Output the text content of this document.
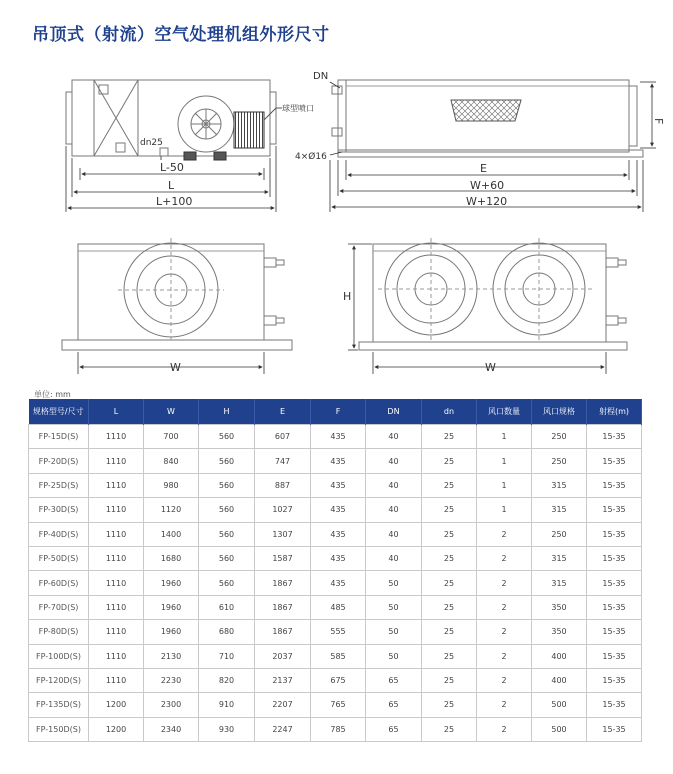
吊顶式（射流）空气处理机组外形尺寸
dn25
球型喷口
L-50
L
L+100
DN
4×Ø16
E
W+60
W+120
F
W
H
W
单位: mm
规格型号/尺寸	L	W	H	E	F	DN	dn	风口数量	风口规格	射程(m)
FP-15D(S)	1110	700	560	607	435	40	25	1	250	15-35
FP-20D(S)	1110	840	560	747	435	40	25	1	250	15-35
FP-25D(S)	1110	980	560	887	435	40	25	1	315	15-35
FP-30D(S)	1110	1120	560	1027	435	40	25	1	315	15-35
FP-40D(S)	1110	1400	560	1307	435	40	25	2	250	15-35
FP-50D(S)	1110	1680	560	1587	435	40	25	2	315	15-35
FP-60D(S)	1110	1960	560	1867	435	50	25	2	315	15-35
FP-70D(S)	1110	1960	610	1867	485	50	25	2	350	15-35
FP-80D(S)	1110	1960	680	1867	555	50	25	2	350	15-35
FP-100D(S)	1110	2130	710	2037	585	50	25	2	400	15-35
FP-120D(S)	1110	2230	820	2137	675	65	25	2	400	15-35
FP-135D(S)	1200	2300	910	2207	765	65	25	2	500	15-35
FP-150D(S)	1200	2340	930	2247	785	65	25	2	500	15-35
